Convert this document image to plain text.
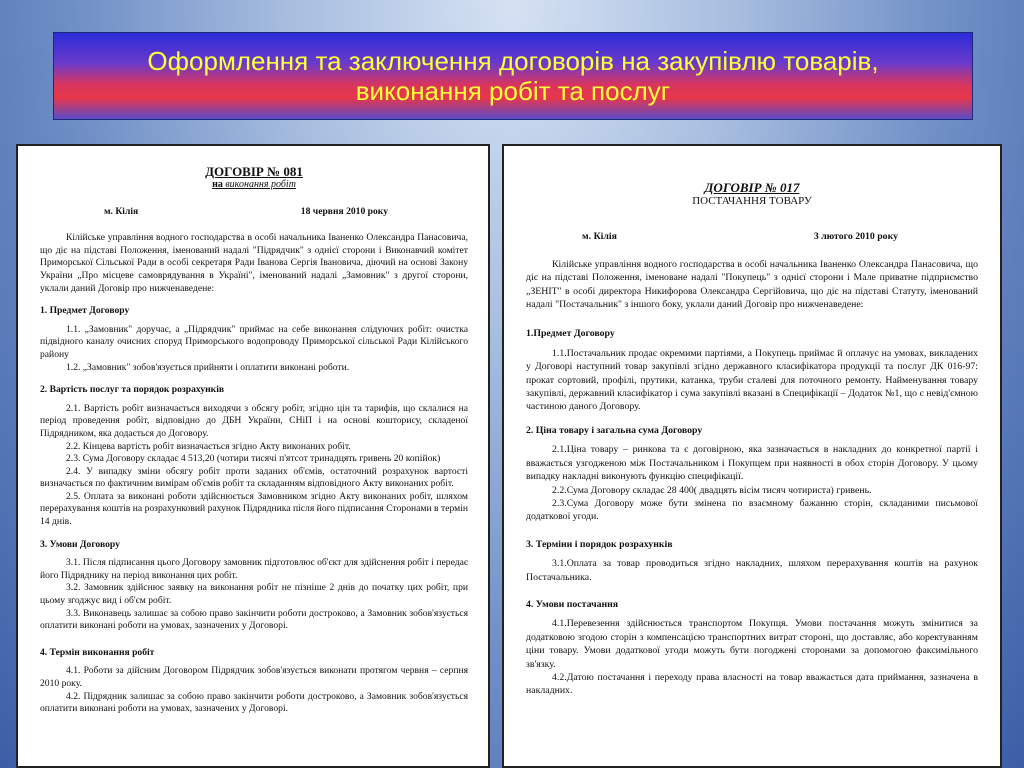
Оформлення та заключення договорів на закупівлю товарів,
виконання робіт та послуг
ДОГОВІР № 081
на виконання робіт
м. Кілія	18 червня 2010 року

Кілійське управління водного господарства в особі начальника Іваненко Олександра Панасовича, що діє на підставі Положення, іменований надалі "Підрядчик" з однієї сторони і Виконавчий комітет Приморської Сільської Ради в особі секретаря Ради Іванова Сергія Івановича, діючий на основі Закону України „Про місцеве самоврядування в Україні", іменований надалі „Замовник" з другої сторони, уклали даний Договір про нижченаведене:

1. Предмет Договору

1.1. „Замовник" доручає, а „Підрядчик" приймає на себе виконання слідуючих робіт: очистка підвідного каналу очисних споруд Приморського водопроводу Приморської сільської Ради Кілійського району

1.2. „Замовник" зобов'язується прийняти і оплатити виконані роботи.

2. Вартість послуг та порядок розрахунків

2.1. Вартість робіт визначається виходячи з обсягу робіт, згідно цін та тарифів, що склалися на період проведення робіт, відповідно до ДБН України, СНіП і на основі кошторису, складеної Підрядником, яка додається до Договору.

2.2. Кінцева вартість робіт визначається згідно Акту виконаних робіт.

2.3. Сума Договору складає 4 513,20 (чотири тисячі п'ятсот тринадцять гривень 20 копійок)

2.4. У випадку зміни обсягу робіт проти заданих об'ємів, остаточний розрахунок вартості визначається по фактичним вимірам об'ємів робіт та складанням відповідного Акту виконаних робіт.

2.5. Оплата за виконані роботи здійснюється Замовником згідно Акту виконаних робіт, шляхом перерахування коштів на розрахунковий рахунок Підрядника після його підписання Сторонами в термін 14 днів.

3. Умови Договору

3.1. Після підписання цього Договору замовник підготовлює об'єкт для здійснення робіт і передає його Підряднику на період виконання цих робіт.

3.2. Замовник здійснює заявку на виконання робіт не пізніше 2 днів до початку цих робіт, при цьому згоджує вид і об'єм робіт.

3.3. Виконавець залишає за собою право закінчити роботи достроково, а Замовник зобов'язується оплатити виконані роботи на умовах, зазначених у Договорі.

4. Термін виконання робіт

4.1. Роботи за дійсним Договором Підрядчик зобов'язується виконати протягом червня – серпня 2010 року.

4.2. Підрядник залишає за собою право закінчити роботи достроково, а Замовник зобов'язується оплатити виконані роботи на умовах, зазначених у Договорі.

ДОГОВІР № 017
ПОСТАЧАННЯ ТОВАРУ
м. Кілія	3 лютого 2010 року

Кілійське управління водного господарства в особі начальника Іваненко Олександра Панасовича, що діє на підставі Положення, іменоване надалі "Покупець" з однієї сторони і Мале приватне підприємство „ЗЕНІТ" в особі директора Никифорова Олександра Сергійовича, що діє на підставі Статуту, іменований надалі "Постачальник" з іншого боку, уклали даний Договір про нижченаведене:

1.Предмет Договору

1.1.Постачальник продає окремими партіями, а Покупець приймає й оплачує на умовах, викладених у Договорі наступний товар закупівлі згідно державного класифікатора продукції та послуг ДК 016-97: прокат сортовий, профілі, прутики, катанка, труби сталеві для поточного ремонту. Найменування товару закупівлі, державний класифікатор і сума закупівлі вказані в Специфікації – Додаток №1, що є невід'ємною частиною даного Договору.

2. Ціна товару і загальна сума Договору

2.1.Ціна товару – ринкова та є договірною, яка зазначається в накладних до конкретної партії і вважається узгодженою між Постачальником і Покупцем при наявності в обох сторін Договору. У цьому випадку накладні виконують функцію специфікації.

2.2.Сума Договору складає 28 400( двадцять вісім тисяч чотириста) гривень.

2.3.Сума Договору може бути змінена по взаємному бажанню сторін, складаними письмової додаткової угоди.

3. Терміни і порядок розрахунків

3.1.Оплата за товар проводиться згідно накладних, шляхом перерахування коштів на рахунок Постачальника.

4. Умови постачання

4.1.Перевезення здійснюється транспортом Покупця. Умови постачання можуть змінитися за додатковою згодою сторін з компенсацією транспортних витрат стороні, що доставляє, або коректуванням ціни товару. Умови додаткової угоди можуть бути погоджені сторонами за допомогою факсимільного зв'язку.

4.2.Датою постачання і переходу права власності на товар вважається дата приймання, зазначена в накладних.
